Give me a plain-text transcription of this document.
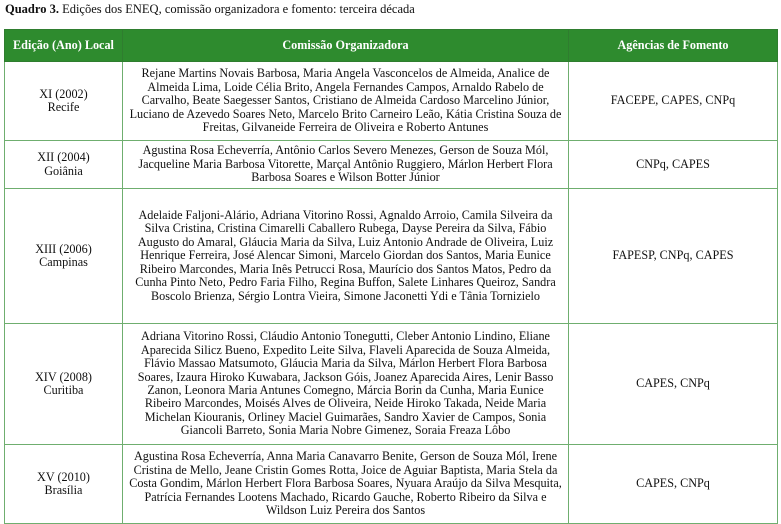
Quadro 3. Edições dos ENEQ, comissão organizadora e fomento: terceira década
Edição (Ano) Local	Comissão Organizadora	Agências de Fomento

XI (2002)
Recife	Rejane Martins Novais Barbosa, Maria Angela Vasconcelos de Almeida, Analice de Almeida Lima, Loide Célia Brito, Angela Fernandes Campos, Arnaldo Rabelo de Carvalho, Beate Saegesser Santos, Cristiano de Almeida Cardoso Marcelino Júnior, Luciano de Azevedo Soares Neto, Marcelo Brito Carneiro Leão, Kátia Cristina Souza de Freitas, Gilvaneide Ferreira de Oliveira e Roberto Antunes	FACEPE, CAPES, CNPq

XII (2004)
Goiânia	Agustina Rosa Echeverría, Antônio Carlos Severo Menezes, Gerson de Souza Mól, Jacqueline Maria Barbosa Vitorette, Marçal Antônio Ruggiero, Márlon Herbert Flora Barbosa Soares e Wilson Botter Júnior	CNPq, CAPES

XIII (2006)
Campinas	Adelaide Faljoni-Alário, Adriana Vitorino Rossi, Agnaldo Arroio, Camila Silveira da Silva Cristina, Cristina Cimarelli Caballero Rubega, Dayse Pereira da Silva, Fábio Augusto do Amaral, Gláucia Maria da Silva, Luiz Antonio Andrade de Oliveira, Luiz Henrique Ferreira, José Alencar Simoni, Marcelo Giordan dos Santos, Maria Eunice Ribeiro Marcondes, Maria Inês Petrucci Rosa, Maurício dos Santos Matos, Pedro da Cunha Pinto Neto, Pedro Faria Filho, Regina Buffon, Salete Linhares Queiroz, Sandra Boscolo Brienza, Sérgio Lontra Vieira, Simone Jaconetti Ydi e Tânia Tornizielo	FAPESP, CNPq, CAPES

XIV (2008)
Curitiba	Adriana Vitorino Rossi, Cláudio Antonio Tonegutti, Cleber Antonio Lindino, Eliane Aparecida Silicz Bueno, Expedito Leite Silva, Flaveli Aparecida de Souza Almeida, Flávio Massao Matsumoto, Gláucia Maria da Silva, Márlon Herbert Flora Barbosa Soares, Izaura Hiroko Kuwabara, Jackson Góis, Joanez Aparecida Aires, Lenir Basso Zanon, Leonora Maria Antunes Comegno, Márcia Borin da Cunha, Maria Eunice Ribeiro Marcondes, Moisés Alves de Oliveira, Neide Hiroko Takada, Neide Maria Michelan Kiouranis, Orliney Maciel Guimarães, Sandro Xavier de Campos, Sonia Giancoli Barreto, Sonia Maria Nobre Gimenez, Soraia Freaza Lôbo	CAPES, CNPq

XV (2010)
Brasília	Agustina Rosa Echeverría, Anna Maria Canavarro Benite, Gerson de Souza Mól, Irene Cristina de Mello, Jeane Cristin Gomes Rotta, Joice de Aguiar Baptista, Maria Stela da Costa Gondim, Márlon Herbert Flora Barbosa Soares, Nyuara Araújo da Silva Mesquita, Patrícia Fernandes Lootens Machado, Ricardo Gauche, Roberto Ribeiro da Silva e Wildson Luiz Pereira dos Santos	CAPES, CNPq
